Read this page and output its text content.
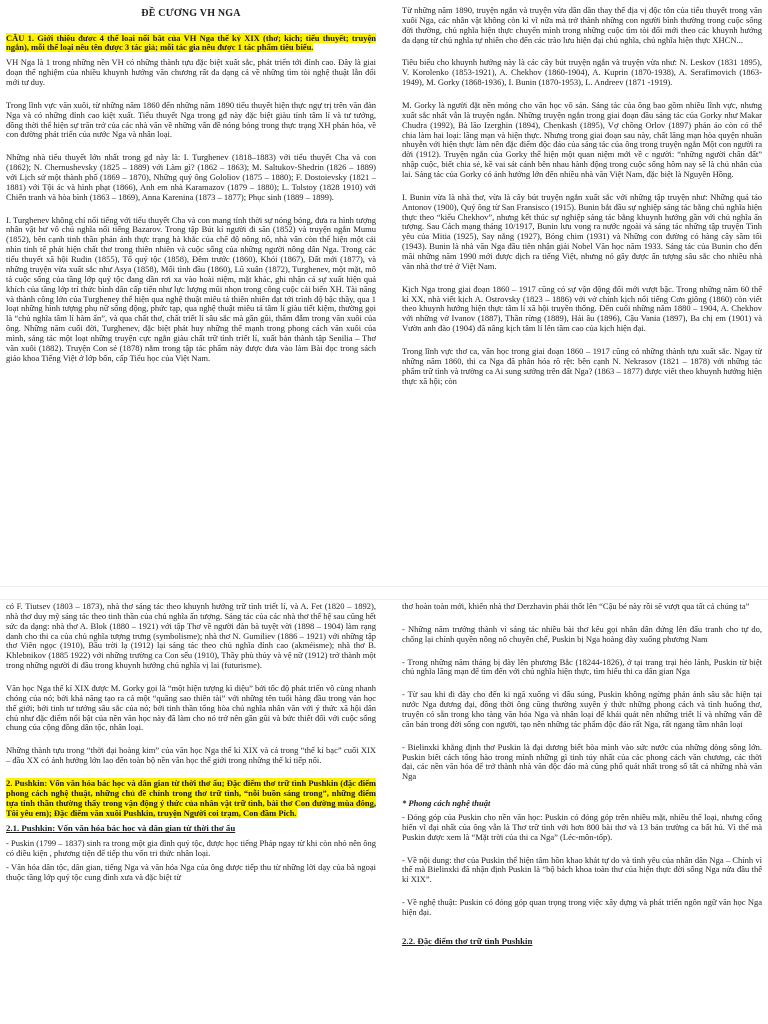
ĐỀ CƯƠNG VH NGA

CÂU 1. Giới thiệu được 4 thể loại nổi bật của VH Nga thế kỷ XIX (thơ; kịch; tiểu thuyết; truyện ngắn), mỗi thể loại nêu tên được 3 tác giả; mỗi tác gia nêu được 1 tác phẩm tiêu biểu.

VH Nga là 1 trong những nền VH có những thành tựu đặc biệt xuất sắc, phát triển tới đỉnh cao. Đây là giai đoạn thể nghiệm của nhiều khuynh hướng văn chương rất đa dạng cá về những tìm tòi nghệ thuật lẫn đổi mới tư duy.

Trong lĩnh vực văn xuôi, từ những năm 1860 đến những năm 1890 tiểu thuyết hiện thực ngự trị trên văn đàn Nga và có những đỉnh cao kiệt xuất. Tiểu thuyết Nga trong gđ này đặc biệt giàu tính tâm lí và tư tưởng, đồng thời thể hiện sự trăn trở của các nhà văn về những vấn đề nóng bỏng trong thực trạng XH phản hóa, về con đường phát triển của nước Nga và nhân loại.

Những nhà tiểu thuyết lớn nhất trong gđ này là: I. Turghenev (1818–1883) với tiểu thuyết Cha và con (1862); N. Chernushevsky (1825 – 1889) với Làm gì? (1862 – 1863); M. Saltukov-Shedrin (1826 – 1889) với Lịch sử một thành phố (1869 – 1870), Những quý ông Gololiov (1875 – 1880); F. Dostoievsky (1821 – 1881) với Tội ác và hình phạt (1866), Anh em nhà Karamazov (1879 – 1880); L. Tolstoy (1828 1910) với Chiến tranh và hòa bình (1863 – 1869), Anna Karenina (1873 – 1877); Phục sinh (1889 – 1899).

I. Turghenev không chỉ nổi tiếng với tiểu thuyết Cha và con mang tính thời sự nóng bỏng, đưa ra hình tượng nhân vật hư vô chủ nghĩa nổi tiếng Bazarov. Trong tập Bút kí người đi săn (1852) và truyện ngắn Mumu (1852), bên cạnh tinh thần phản ánh thực trạng hà khắc của chế độ nông nô, nhà văn còn thể hiện một cái nhìn tinh tế phát hiện chất thơ trong thiên nhiên và cuộc sống của những người nông dân Nga. Trong các tiểu thuyết xã hội Rudin (1855), Tổ quý tộc (1858), Đêm trước (1860), Khói (1867), Đất mới (1877), và những truyện vừa xuất sắc như Asya (1858), Mối tình đầu (1860), Lũ xuân (1872), Turghenev, một mặt, mô tả cuộc sống của tầng lớp quý tộc đang dần rơi xa vào hoài niệm, mặt khác, ghi nhận cả sự xuất hiện quả khích của tầng lớp trí thức bình dân cấp tiến như lực lượng mũi nhọn trong công cuộc cải biến XH. Tài năng và thành công lớn của Turgheney thể hiện qua nghệ thuật miêu tả thiên nhiên đạt tới trình độ bậc thầy, qua 1 loạt những hình tượng phụ nữ sống động, phức tạp, qua nghệ thuật miêu tả tâm lí giàu tiết kiệm, thường gọi là “chủ nghĩa tâm lí hàm ẩn”, và qua chất thơ, chất triết lí sâu sắc mà gần gũi, thấm đẫm trong văn xuôi của ông. Những năm cuối đời, Turghenev, đặc biệt phát huy những thế mạnh trong phong cách văn xuôi của mình, sáng tác một loạt những truyện cực ngắn giàu chất trữ tình triết lí, xuất bản thành tập Senilia – Thơ văn xuôi (1882). Truyện Con sẻ (1878) nằm trong tập tác phẩm này được đưa vào làm Bài đọc trong sách giáo khoa Tiếng Việt ở lớp bốn, cấp Tiểu học của Việt Nam.

Từ những năm 1890, truyện ngắn và truyện vừa dần dần thay thế địa vị độc tôn của tiểu thuyết trong văn xuôi Nga, các nhân vật không còn kì vĩ nữa mà trở thành những con người bình thường trong cuộc sống đời thường, chủ nghĩa hiện thực chuyển mình trong những cuộc tìm tòi đổi mới theo các khuynh hướng đa dạng từ chủ nghĩa tự nhiên cho đến các trào lưu hiện đại chủ nghĩa, chủ nghĩa hiện thực XHCN...

Tiêu biểu cho khuynh hướng này là các cây bút truyện ngắn và truyện vừa như: N. Leskov (1831 1895), V. Korolenko (1853-1921), A. Chekhov (1860-1904), A. Kuprin (1870-1938), A. Serafimovich (1863- 1949), M. Gorky (1868-1936), I. Bunin (1870-1953), L. Andreev (1871 -1919).

M. Gorky là người đặt nền móng cho văn học vô sản. Sáng tác của ông bao gồm nhiều lĩnh vực, nhưng xuất sắc nhất vẫn là truyện ngắn. Những truyện ngắn trong giai đoạn đầu sáng tác của Gorky như Makar Chudra (1992), Bà lão Izerghin (1894), Chenkash (1895), Vợ chồng Orlov (1897) phản ảo còn có thể chia làm hai loại: lãng mạn và hiện thực. Nhưng trong giai đoạn sau này, chất lãng mạn hòa quyện nhuần nhuyễn với hiện thực làm nên đặc điểm độc đáo của sáng tác của ông trong truyện ngắn Một con người ra đời (1912). Truyện ngắn của Gorky thể hiện một quan niệm mới về c người: “những người chân đất” nhập cuộc, biết chia sẻ, kề vai sát cánh bên nhau hành động trong cuộc sống hôm nay sẽ là chủ nhân của lai. Sáng tác của Gorky có ảnh hưởng lớn đến nhiều nhà văn Việt Nam, đặc biệt là Nguyên Hồng.

I. Bunin vừa là nhà thơ, vừa là cây bút truyện ngắn xuất sắc với những tập truyện như: Những quả táo Antonov (1900), Quý ông từ San Fransisco (1915). Bunin bắt đầu sự nghiệp sáng tác bằng chủ nghĩa hiện thực theo “kiểu Chekhov”, nhưng kết thúc sự nghiệp sáng tác bằng khuynh hướng gần với chủ nghĩa ấn tượng. Sau Cách mạng tháng 10/1917, Bunin lưu vong ra nước ngoài và sáng tác những tập truyện Tình yêu của Mitia (1925), Say nắng (1927), Bóng chim (1931) và Những con đường có hàng cây sầm tối (1943). Bunin là nhà văn Nga đầu tiên nhận giải Nobel Văn học năm 1933. Sáng tác của Bunin cho đến mãi những năm 1990 mới được dịch ra tiếng Việt, nhưng nó gây được ấn tượng sâu sắc cho nhiều nhà văn nhà thơ trẻ ở Việt Nam.

Kịch Nga trong giai đoạn 1860 – 1917 cũng có sự vận động đổi mới vượt bậc. Trong những năm 60 thế kỉ XX, nhà viết kịch A. Ostrovsky (1823 – 1886) với vở chính kịch nổi tiếng Cơn giông (1860) còn viết theo khuynh hướng hiện thực tâm lí xã hội truyền thống. Đến cuối những năm 1880 – 1904, A. Chekhov với những vở Ivanov (1887), Thần rừng (1889), Hải âu (1896), Cậu Vania (1897), Ba chị em (1901) và Vườn anh đào (1904) đã nâng kịch tâm lí lên tầm cao của kịch hiện đại.

Trong lĩnh vực thơ ca, văn học trong giai đoạn 1860 – 1917 cũng có những thành tựu xuất sắc. Ngay từ những năm 1860, thi ca Nga đã phân hóa rõ rệt: bên cạnh N. Nekrasov (1821 – 1878) với những tác phẩm trữ tình và trường ca Ai sung sướng trên đất Nga? (1863 – 1877) được viết theo khuynh hướng hiện thực xã hội; còn

có F. Tiutsev (1803 – 1873), nhà thơ sáng tác theo khuynh hướng trữ tình triết lí, và A. Fet (1820 – 1892), nhà thơ duy mỹ sáng tác theo tinh thần của chủ nghĩa ấn tượng. Sáng tác của các nhà thơ thế hệ sau cũng hết sức đa dạng: nhà thơ A. Blok (1880 – 1921) với tập Thơ về người đàn bà tuyệt vời (1898 – 1904) làm rạng danh cho thi ca của chủ nghĩa tượng trưng (symbolisme); nhà thơ N. Gumiliev (1886 – 1921) với những tập thơ Viên ngọc (1910), Bầu trời lạ (1912) lại sáng tác theo chủ nghĩa đỉnh cao (akméisme); nhà thơ B. Khlebnikov (1885 1922) với những trường ca Con sếu (1910), Thầy phù thủy và vệ nữ (1912) trở thành một trong những người đi đầu trong khuynh hướng chủ nghĩa vị lai (futurisme).

Văn học Nga thế kỉ XIX được M. Gorky gọi là “một hiện tượng kì diệu” bởi tốc độ phát triển vô cùng nhanh chóng của nó; bởi khả năng tạo ra cả một “quầng sao thiên tài” với những tên tuổi hàng đầu trong văn học thế giới; bởi tinh tư tưởng sâu sắc của nó; bởi tinh thần tổng hòa chủ nghĩa nhân văn với ý thức xã hội dân chủ như đặc điểm nổi bật của nền văn học này đã làm cho nó trở nên gần gũi và bức thiết đối với cuộc sống chung của cộng đồng dân tộc, nhân loại.

Những thành tựu trong “thời đại hoàng kim” của văn học Nga thế kỉ XIX và cả trong “thế kỉ bạc” cuối XIX – đầu XX có ảnh hưởng lớn lao đến toàn bộ nền văn học thế giới trong những thế kỉ tiếp nối.

2. Pushkin: Vốn văn hóa bác học và dân gian từ thời thơ ấu; Đặc điểm thơ trữ tình Pushkin (đặc điểm phong cách nghệ thuật, những chủ đề chính trong thơ trữ tình, “nỗi buồn sáng trong”, những điểm tựa tinh thần thường thấy trong vận động ý thức của nhân vật trữ tình, bài thơ Con đường mùa đông, Tôi yêu em); Đặc điểm văn xuôi Pushkin, truyện Người coi trạm, Con đầm Pích.

2.1. Pushkin: Vốn văn hóa bác học và dân gian từ thời thơ ấu

- Puskin (1799 – 1837) sinh ra trong một gia đình quý tộc, được học tiếng Pháp ngay từ khi còn nhỏ nên ông có điều kiện , phương tiện để tiếp thu vốn tri thức nhân loại.

- Văn hóa dân tộc, dân gian, tiếng Nga và văn hóa Nga của ông được tiếp thu từ những lời dạy của bà ngoại thuộc tầng lớp quý tộc cung đình xưa và đặc biệt từ

thơ hoàn toàn mới, khiến nhà thơ Derzhavin phải thốt lên “Cậu bé này rồi sẽ vượt qua tất cả chúng ta”

- Những năm trưởng thành vì sáng tác nhiều bài thơ kêu gọi nhân dân đứng lên đấu tranh cho tự do, chống lại chính quyền nông nô chuyên chế, Puskin bị Nga hoàng đày xuống phương Nam

- Trong những năm tháng bị đày lên phương Bắc (18244-1826), ở tại trang trại hẻo lánh, Puskin từ biệt chủ nghĩa lãng mạn để tìm đến với chủ nghĩa hiện thực, tìm hiểu thi ca dân gian Nga

- Từ sau khi đi đày cho đến ki ngã xuống vì đấu súng, Puskin không ngừng phản ánh sâu sắc hiện tại nước Nga đương đại, đồng thời ông cũng thường xuyên ý thức những phong cách và tình huống thơ, truyện có sẵn trong kho tàng văn hóa Nga và nhân loại để khái quát nên những triết lí và những vấn đề căn bản trong đời sống con người, tạo nên những tác phẩm độc đáo rất Nga, rất ngang tầm nhân loại

- Bielinxki khẳng định thơ Puskin là đại dương biết hòa mình vào sức nước của những dòng sông lớn. Puskin biết cách tổng hào trong mình những gì tinh túy nhất của các phong cách văn chương, các thời đại, các nền văn hóa để trở thành nhà văn độc đáo mà cũng phổ quát nhất trong số tất cả những nhà văn Nga

* Phong cách nghệ thuật

- Đóng góp của Puskin cho nền văn học: Puskin có đóng góp trên nhiều mặt, nhiều thể loại, nhưng cống hiến vĩ đại nhất của ông vẫn là Thơ trữ tình với hơn 800 bài thơ và 13 bản trường ca bất hủ. Vì thế mà Puskin được xem là “Mặt trời của thi ca Nga” (Léc-môn-tốp).

- Về nội dung: thơ của Puskin thể hiện tâm hồn khao khát tự do và tình yêu của nhân dân Nga – Chính vì thế mà Bielinxki đã nhận định Puskin là “bộ bách khoa toàn thư của hiện thực đời sống Nga nửa đầu thế kỉ XIX”.

- Về nghệ thuật: Puskin có đóng góp quan trọng trong việc xây dựng và phát triển ngôn ngữ văn học Nga hiện đại.

2.2. Đặc điểm thơ trữ tình Pushkin
